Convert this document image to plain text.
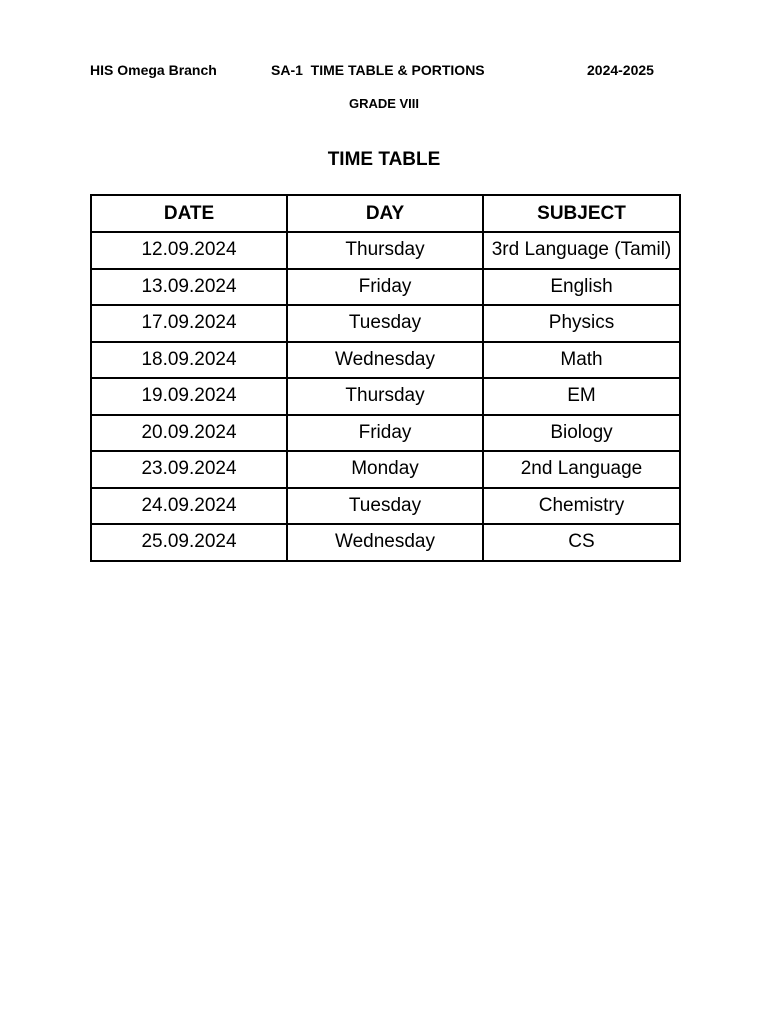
HIS Omega Branch	SA-1  TIME TABLE & PORTIONS	2024-2025
GRADE VIII
TIME TABLE
DATE	DAY	SUBJECT
12.09.2024	Thursday	3rd Language (Tamil)
13.09.2024	Friday	English
17.09.2024	Tuesday	Physics
18.09.2024	Wednesday	Math
19.09.2024	Thursday	EM
20.09.2024	Friday	Biology
23.09.2024	Monday	2nd Language
24.09.2024	Tuesday	Chemistry
25.09.2024	Wednesday	CS
